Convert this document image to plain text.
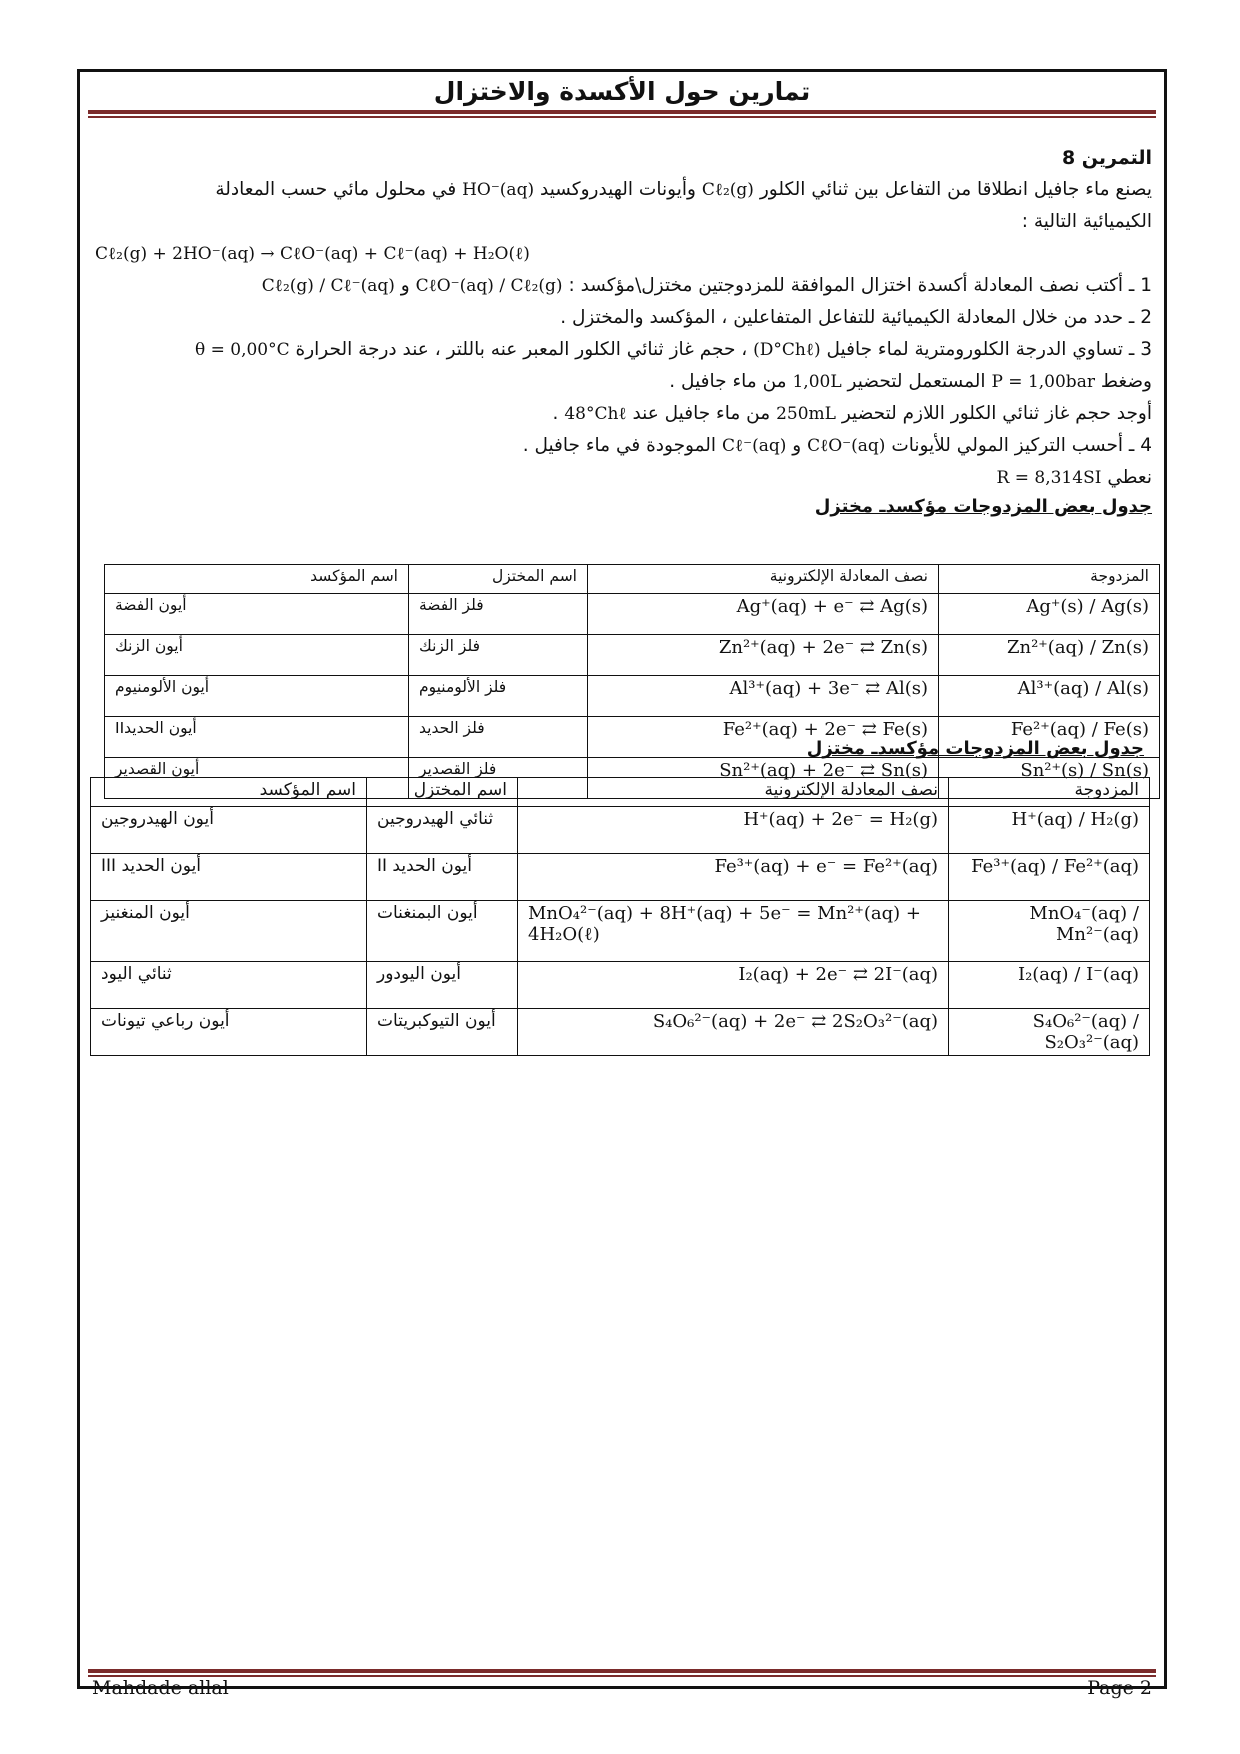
تمارين حول الأكسدة والاختزال

التمرين 8

يصنع ماء جافيل انطلاقا من التفاعل بين ثنائي الكلور Cℓ₂(g) وأيونات الهيدروكسيد HO⁻(aq) في محلول مائي حسب المعادلة

الكيميائية التالية :

Cℓ₂(g) + 2HO⁻(aq) → CℓO⁻(aq) + Cℓ⁻(aq) + H₂O(ℓ)

1 ـ أكتب نصف المعادلة أكسدة اختزال الموافقة للمزدوجتين مختزل\مؤكسد : CℓO⁻(aq) / Cℓ₂(g) و Cℓ₂(g) / Cℓ⁻(aq)

2 ـ حدد من خلال المعادلة الكيميائية للتفاعل المتفاعلين ، المؤكسد والمختزل .

3 ـ تساوي الدرجة الكلورومترية لماء جافيل (D°Chℓ) ، حجم غاز ثنائي الكلور المعبر عنه باللتر ، عند درجة الحرارة θ = 0,00°C

وضغط P = 1,00bar المستعمل لتحضير 1,00L من ماء جافيل .

أوجد حجم غاز ثنائي الكلور اللازم لتحضير 250mL من ماء جافيل عند 48°Chℓ .

4 ـ أحسب التركيز المولي للأيونات CℓO⁻(aq) و Cℓ⁻(aq) الموجودة في ماء جافيل .

نعطي R = 8,314SI

جدول بعض المزدوجات مؤكسدـ مختزل

المزدوجة	نصف المعادلة الإلكترونية	اسم المختزل	اسم المؤكسد
Ag⁺(s) / Ag(s)	Ag⁺(aq) + e⁻ ⇄ Ag(s)	فلز الفضة	أيون الفضة
Zn²⁺(aq) / Zn(s)	Zn²⁺(aq) + 2e⁻ ⇄ Zn(s)	فلز الزنك	أيون الزنك
Al³⁺(aq) / Al(s)	Al³⁺(aq) + 3e⁻ ⇄ Al(s)	فلز الألومنيوم	أيون الألومنيوم
Fe²⁺(aq) / Fe(s)	Fe²⁺(aq) + 2e⁻ ⇄ Fe(s)	فلز الحديد	أيون الحديدII
Sn²⁺(s) / Sn(s)	Sn²⁺(aq) + 2e⁻ ⇄ Sn(s)	فلز القصدير	أيون القصدير
جدول بعض المزدوجات مؤكسدـ مختزل
المزدوجة	نصف المعادلة الإلكترونية	اسم المختزل	اسم المؤكسد
H⁺(aq) / H₂(g)	H⁺(aq) + 2e⁻ = H₂(g)	ثنائي الهيدروجين	أيون الهيدروجين
Fe³⁺(aq) / Fe²⁺(aq)	Fe³⁺(aq) + e⁻ = Fe²⁺(aq)	أيون الحديد II	أيون الحديد III
MnO₄⁻(aq) / Mn²⁻(aq)	MnO₄²⁻(aq) + 8H⁺(aq) + 5e⁻ = Mn²⁺(aq) + 4H₂O(ℓ)	أيون البمنغنات	أيون المنغنيز
I₂(aq) / I⁻(aq)	I₂(aq) + 2e⁻ ⇄ 2I⁻(aq)	أيون اليودور	ثنائي اليود
S₄O₆²⁻(aq) / S₂O₃²⁻(aq)	S₄O₆²⁻(aq) + 2e⁻ ⇄ 2S₂O₃²⁻(aq)	أيون التيوكبريتات	أيون رباعي تيونات
Mahdade allal	Page 2
